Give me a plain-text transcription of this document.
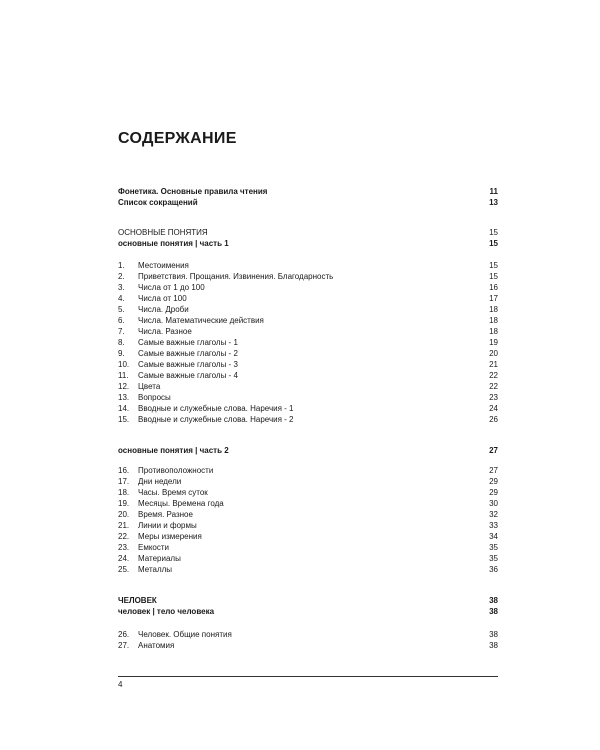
СОДЕРЖАНИЕ
Фонетика. Основные правила чтения	11
Список сокращений	13
ОСНОВНЫЕ ПОНЯТИЯ	15
основные понятия | часть 1	15
1. Местоимения	15
2. Приветствия. Прощания. Извинения. Благодарность	15
3. Числа от 1 до 100	16
4. Числа от 100	17
5. Числа. Дроби	18
6. Числа. Математические действия	18
7. Числа. Разное	18
8. Самые важные глаголы - 1	19
9. Самые важные глаголы - 2	20
10. Самые важные глаголы - 3	21
11. Самые важные глаголы - 4	22
12. Цвета	22
13. Вопросы	23
14. Вводные и служебные слова. Наречия - 1	24
15. Вводные и служебные слова. Наречия - 2	26
основные понятия | часть 2	27
16. Противоположности	27
17. Дни недели	29
18. Часы. Время суток	29
19. Месяцы. Времена года	30
20. Время. Разное	32
21. Линии и формы	33
22. Меры измерения	34
23. Емкости	35
24. Материалы	35
25. Металлы	36
ЧЕЛОВЕК	38
человек | тело человека	38
26. Человек. Общие понятия	38
27. Анатомия	38
4
